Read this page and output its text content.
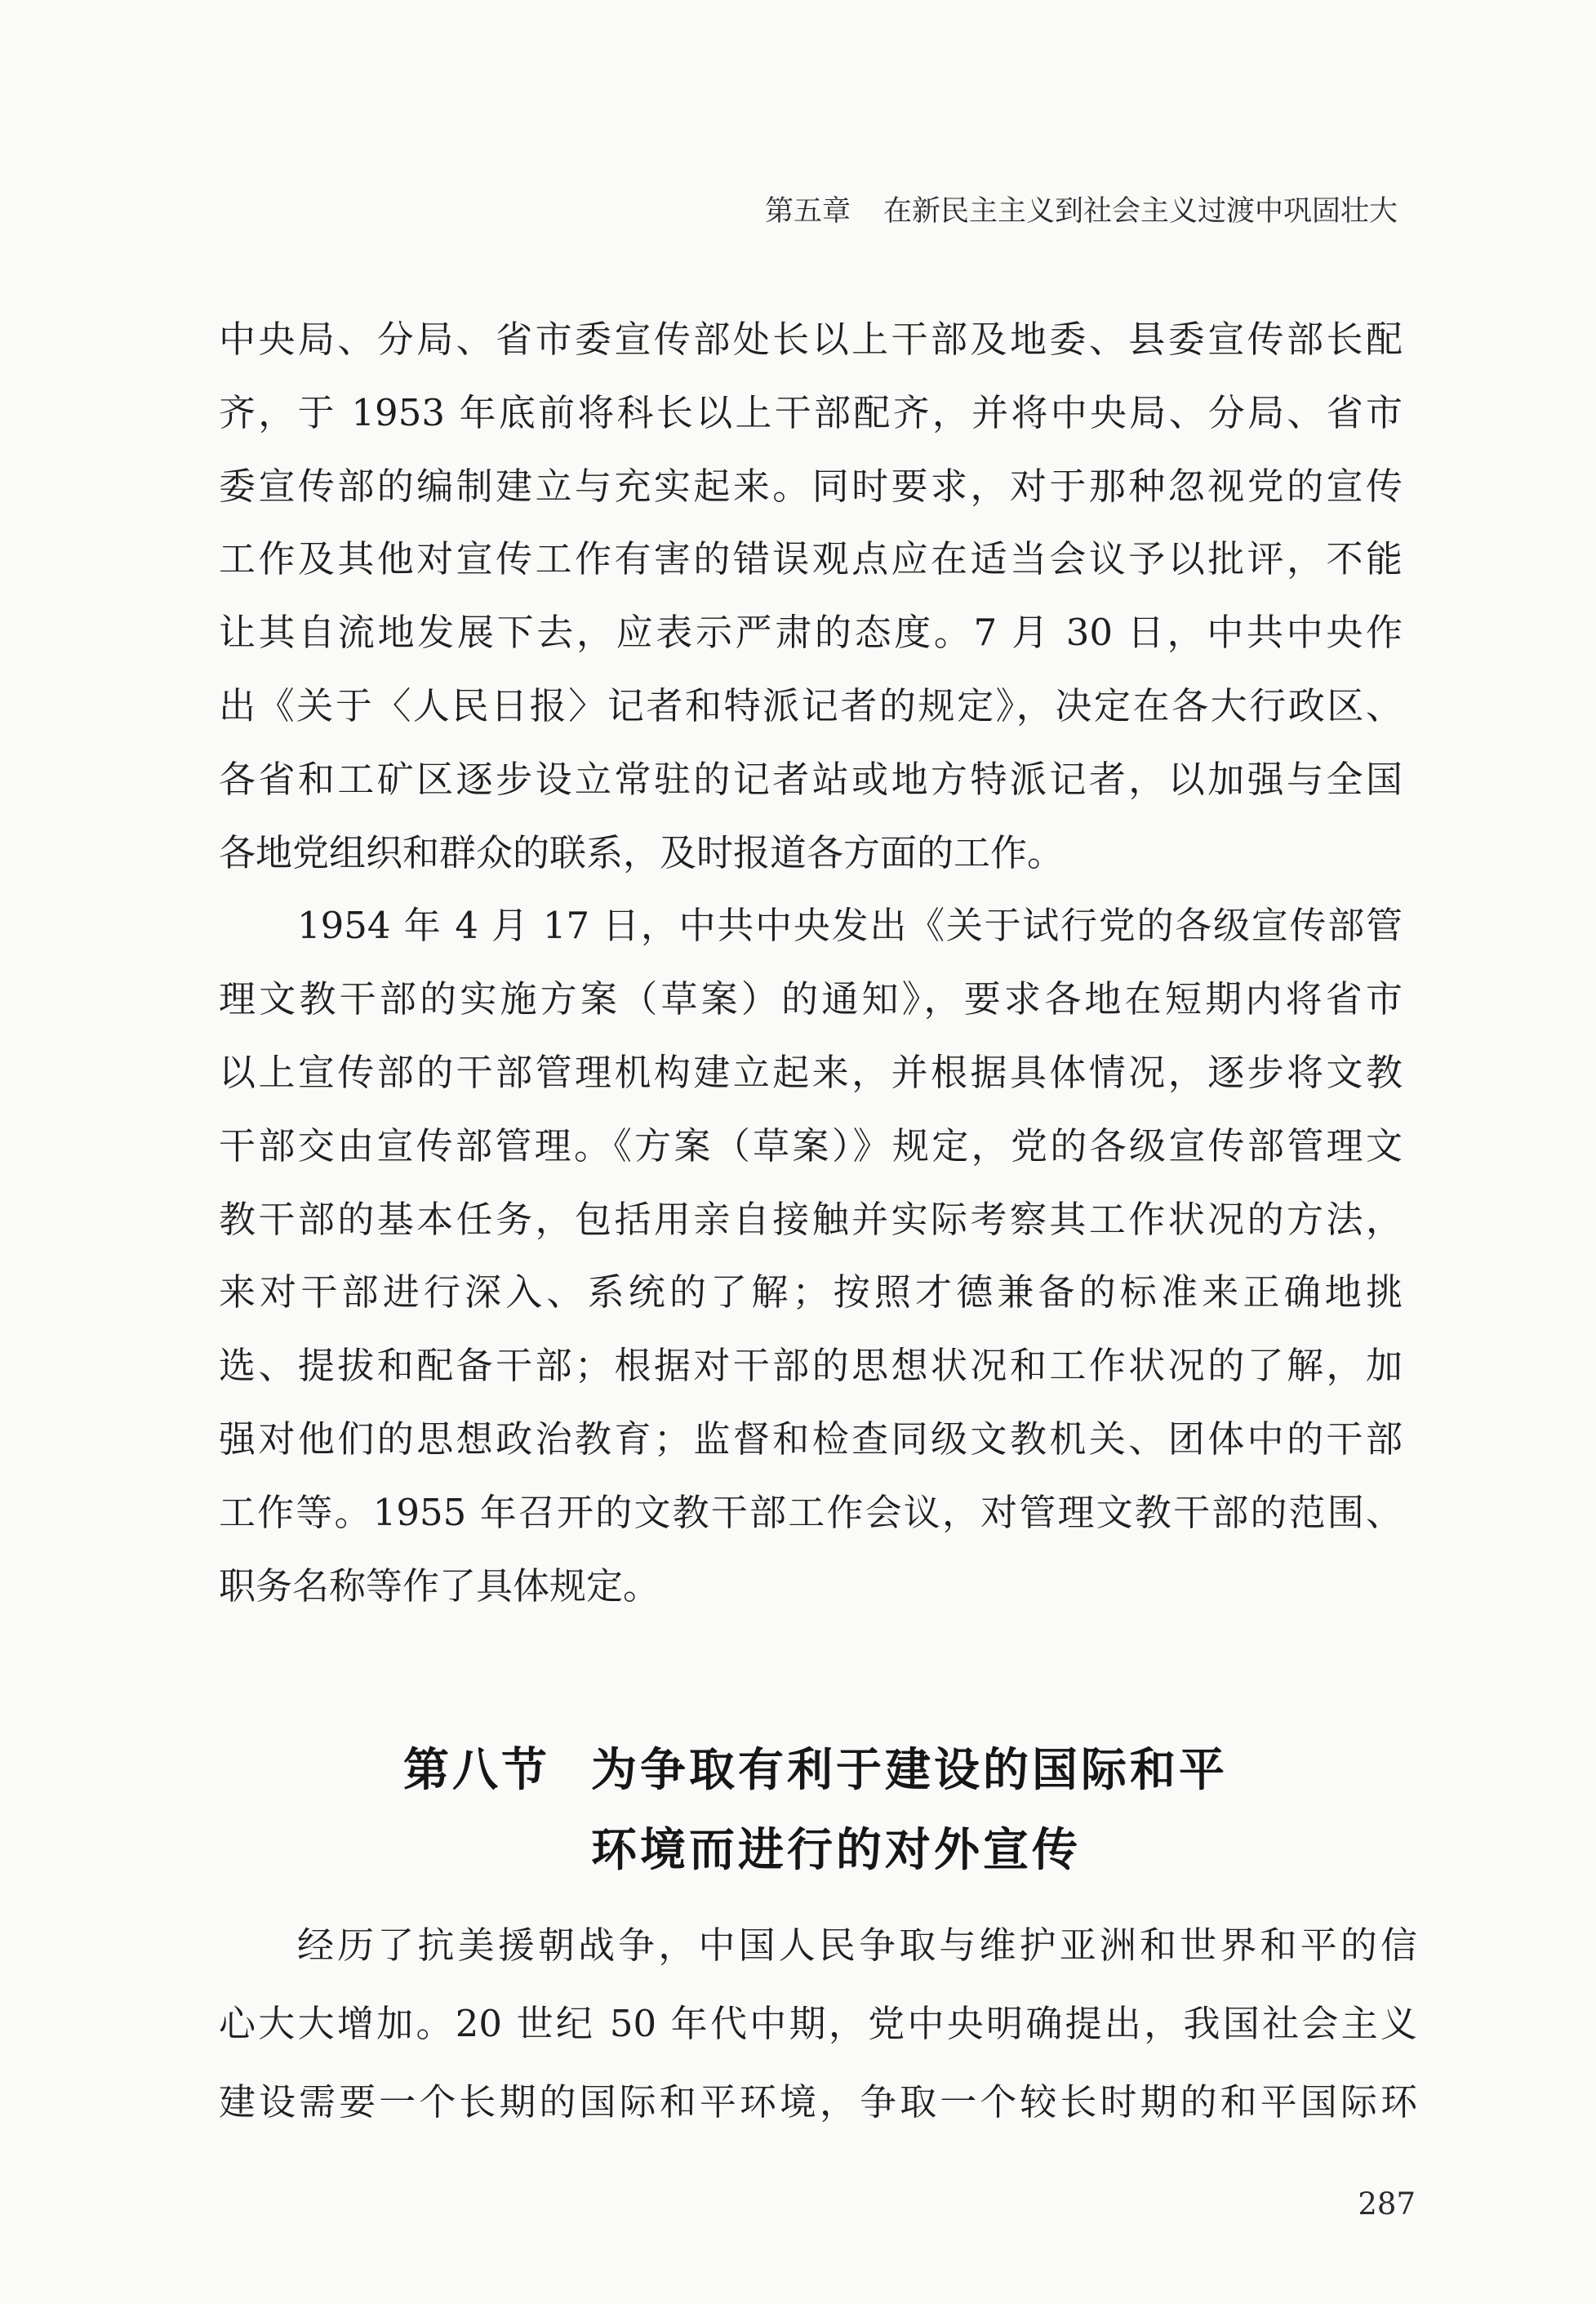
第五章 在新民主主义到社会主义过渡中巩固壮大
中央局、分局、省市委宣传部处长以上干部及地委、县委宣传部长配
齐，于 1953 年底前将科长以上干部配齐，并将中央局、分局、省市
委宣传部的编制建立与充实起来。同时要求，对于那种忽视党的宣传
工作及其他对宣传工作有害的错误观点应在适当会议予以批评，不能
让其自流地发展下去，应表示严肃的态度。7 月 30 日，中共中央作
出《关于〈人民日报〉记者和特派记者的规定》，决定在各大行政区、
各省和工矿区逐步设立常驻的记者站或地方特派记者，以加强与全国
各地党组织和群众的联系，及时报道各方面的工作。
1954 年 4 月 17 日，中共中央发出《关于试行党的各级宣传部管
理文教干部的实施方案（草案）的通知》，要求各地在短期内将省市
以上宣传部的干部管理机构建立起来，并根据具体情况，逐步将文教
干部交由宣传部管理。《方案（草案）》规定，党的各级宣传部管理文
教干部的基本任务，包括用亲自接触并实际考察其工作状况的方法，
来对干部进行深入、系统的了解；按照才德兼备的标准来正确地挑
选、提拔和配备干部；根据对干部的思想状况和工作状况的了解，加
强对他们的思想政治教育；监督和检查同级文教机关、团体中的干部
工作等。1955 年召开的文教干部工作会议，对管理文教干部的范围、
职务名称等作了具体规定。
第八节 为争取有利于建设的国际和平
环境而进行的对外宣传
经历了抗美援朝战争，中国人民争取与维护亚洲和世界和平的信
心大大增加。20 世纪 50 年代中期，党中央明确提出，我国社会主义
建设需要一个长期的国际和平环境，争取一个较长时期的和平国际环
287
